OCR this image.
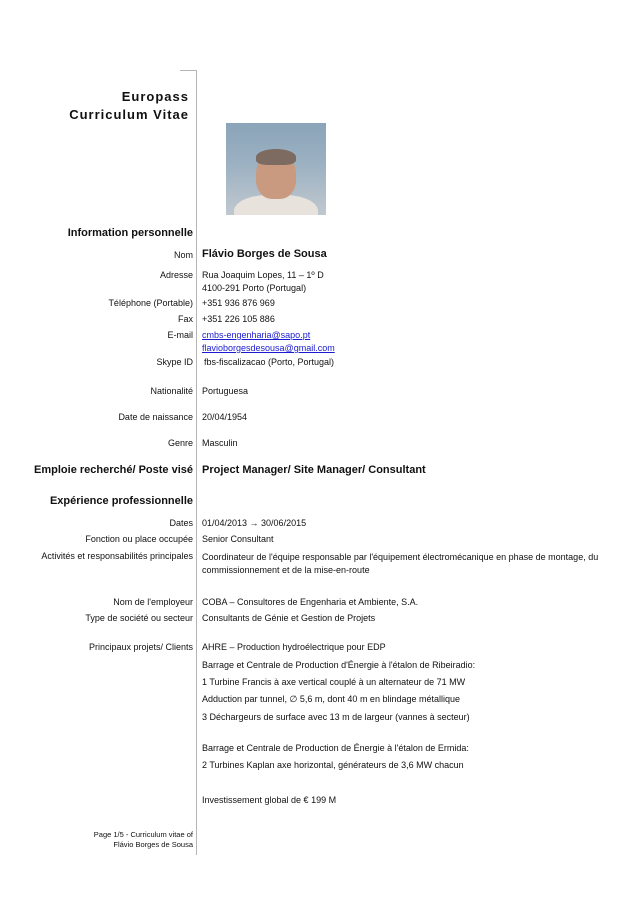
Europass
Curriculum Vitae
Information personnelle
Nom Flávio Borges de Sousa
Adresse Rua Joaquim Lopes, 11 – 1º D
4100-291 Porto (Portugal)
Téléphone (Portable) +351 936 876 969
Fax +351 226 105 886
E-mail cmbs-engenharia@sapo.pt
flavioborgesdesousa@gmail.com
Skype ID fbs-fiscalizacao (Porto, Portugal)
Nationalité Portuguesa
Date de naissance 20/04/1954
Genre Masculin
Emploie recherché/ Poste visé Project Manager/ Site Manager/ Consultant
Expérience professionnelle
Dates 01/04/2013 → 30/06/2015
Fonction ou place occupée Senior Consultant
Activités et responsabilités principales Coordinateur de l'équipe responsable par l'équipement électromécanique en phase de montage, du commissionnement et de la mise-en-route
Nom de l'employeur COBA – Consultores de Engenharia et Ambiente, S.A.
Type de société ou secteur Consultants de Génie et Gestion de Projets
Principaux projets/ Clients AHRE – Production hydroélectrique pour EDP
Barrage et Centrale de Production d'Énergie à l'étalon de Ribeiradio:
1 Turbine Francis à axe vertical couplé à un alternateur de 71 MW
Adduction par tunnel, ∅ 5,6 m, dont 40 m en blindage métallique
3 Déchargeurs de surface avec 13 m de largeur (vannes à secteur)
Barrage et Centrale de Production de Énergie à l'étalon de Ermida:
2 Turbines Kaplan axe horizontal, générateurs de 3,6 MW chacun
Investissement global de € 199 M
Page 1/5 - Curriculum vitae of
Flávio Borges de Sousa
